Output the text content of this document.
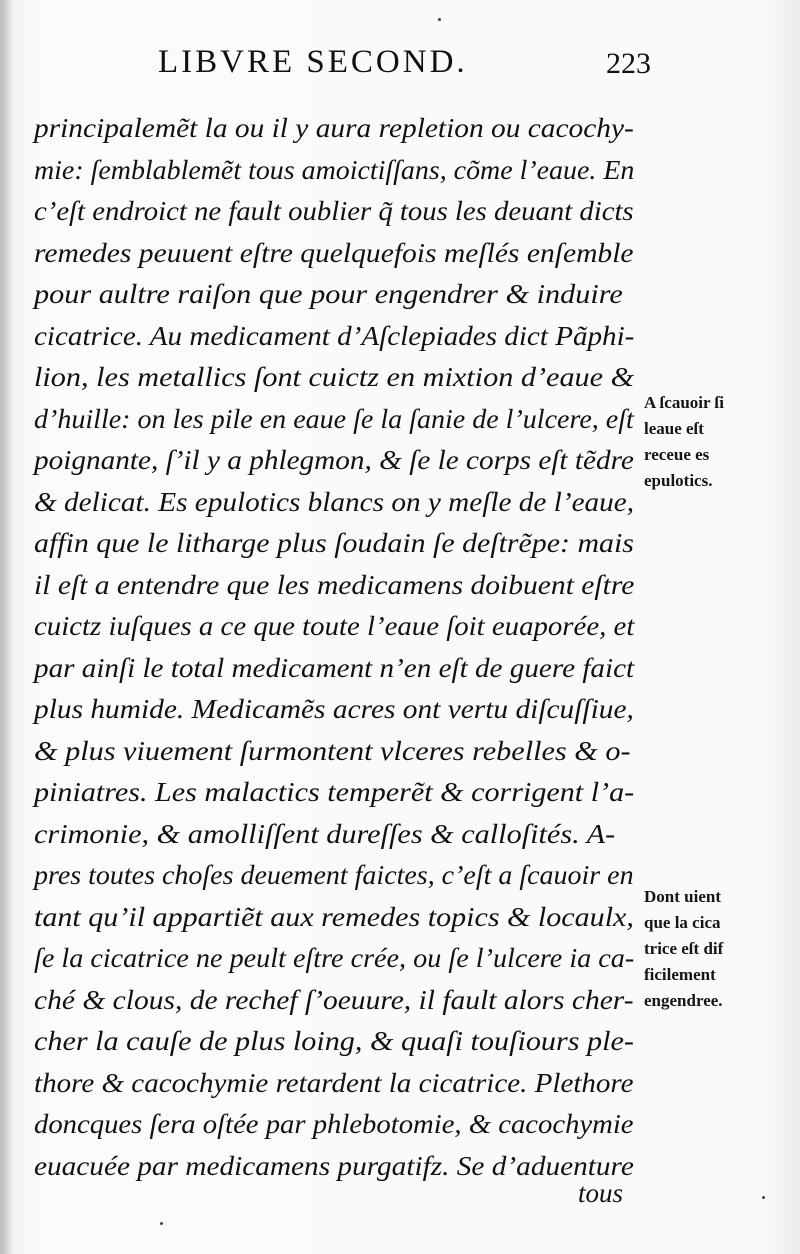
LIBVRE SECOND.	223
principalemẽt la ou il y aura repletion ou cacochy-
mie: ſemblablemẽt tous amoictiſſans, cõme l’eaue. En
c’eſt endroict ne fault oublier q̃ tous les deuant dicts
remedes peuuent eſtre quelquefois meſlés enſemble
pour aultre raiſon que pour engendrer & induire
cicatrice. Au medicament d’Aſclepiades dict Pãphi-
lion, les metallics ſont cuictz en mixtion d’eaue &
d’huille: on les pile en eaue ſe la ſanie de l’ulcere, eſt
poignante, ſ’il y a phlegmon, & ſe le corps eſt tẽdre
& delicat. Es epulotics blancs on y meſle de l’eaue,
affin que le litharge plus ſoudain ſe deſtrẽpe: mais
il eſt a entendre que les medicamens doibuent eſtre
cuictz iuſques a ce que toute l’eaue ſoit euaporée, et
par ainſi le total medicament n’en eſt de guere faict
plus humide. Medicamẽs acres ont vertu diſcuſſiue,
& plus viuement ſurmontent vlceres rebelles & o-
piniatres. Les malactics temperẽt & corrigent l’a-
crimonie, & amolliſſent dureſſes & calloſités. A-
pres toutes choſes deuement faictes, c’eſt a ſcauoir en
tant qu’il appartiẽt aux remedes topics & locaulx,
ſe la cicatrice ne peult eſtre crée, ou ſe l’ulcere ia ca-
ché & clous, de rechef ſ’oeuure, il fault alors cher-
cher la cauſe de plus loing, & quaſi touſiours ple-
thore & cacochymie retardent la cicatrice. Plethore
doncques ſera oſtée par phlebotomie, & cacochymie
euacuée par medicamens purgatifz. Se d’aduenture
A ſcauoir ſi
leaue eſt
receue es
epulotics.
Dont uient
que la cica
trice eſt dif
ficilement
engendree.
tous
